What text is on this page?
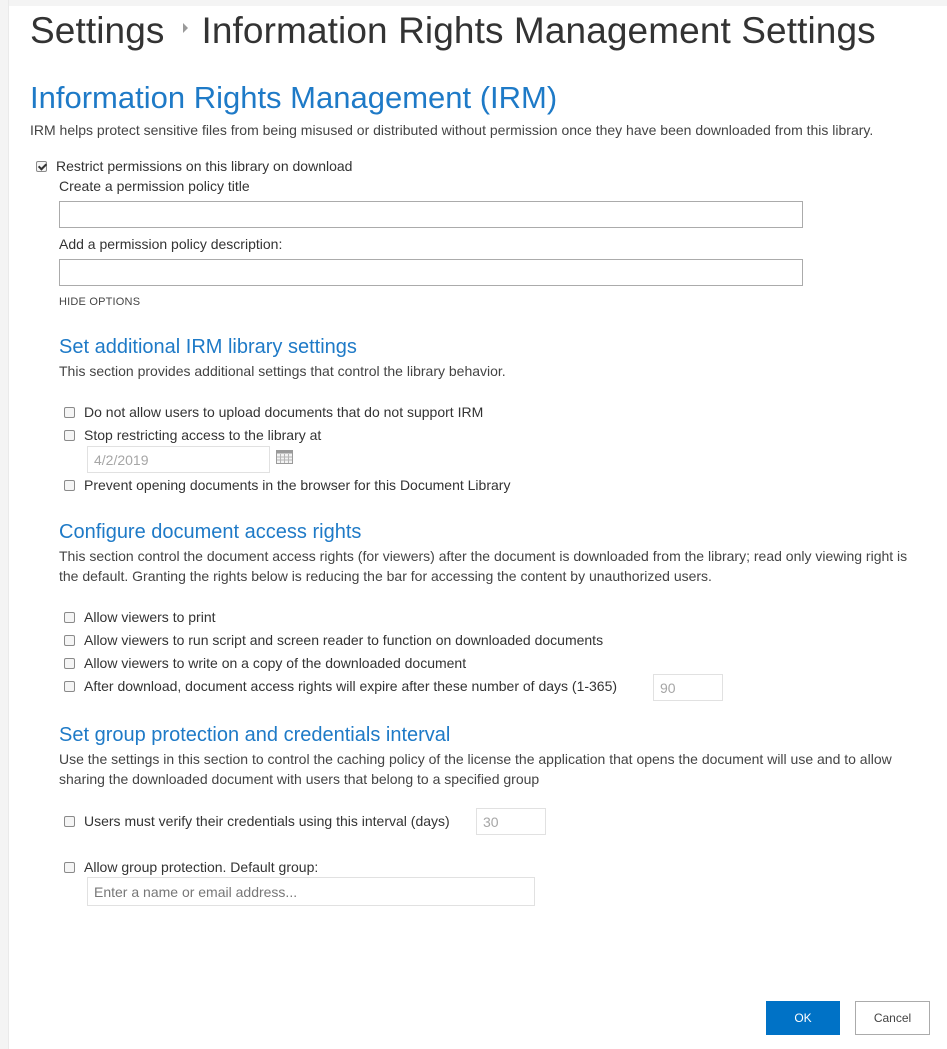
Settings Information Rights Management Settings
Information Rights Management (IRM)
IRM helps protect sensitive files from being misused or distributed without permission once they have been downloaded from this library.
Restrict permissions on this library on download
Create a permission policy title
Add a permission policy description:
HIDE OPTIONS
Set additional IRM library settings
This section provides additional settings that control the library behavior.
Do not allow users to upload documents that do not support IRM
Stop restricting access to the library at
4/2/2019
Prevent opening documents in the browser for this Document Library
Configure document access rights
This section control the document access rights (for viewers) after the document is downloaded from the library; read only viewing right is the default. Granting the rights below is reducing the bar for accessing the content by unauthorized users.
Allow viewers to print
Allow viewers to run script and screen reader to function on downloaded documents
Allow viewers to write on a copy of the downloaded document
After download, document access rights will expire after these number of days (1-365)
90
Set group protection and credentials interval
Use the settings in this section to control the caching policy of the license the application that opens the document will use and to allow sharing the downloaded document with users that belong to a specified group
Users must verify their credentials using this interval (days)
30
Allow group protection. Default group:
Enter a name or email address...
OK	Cancel
